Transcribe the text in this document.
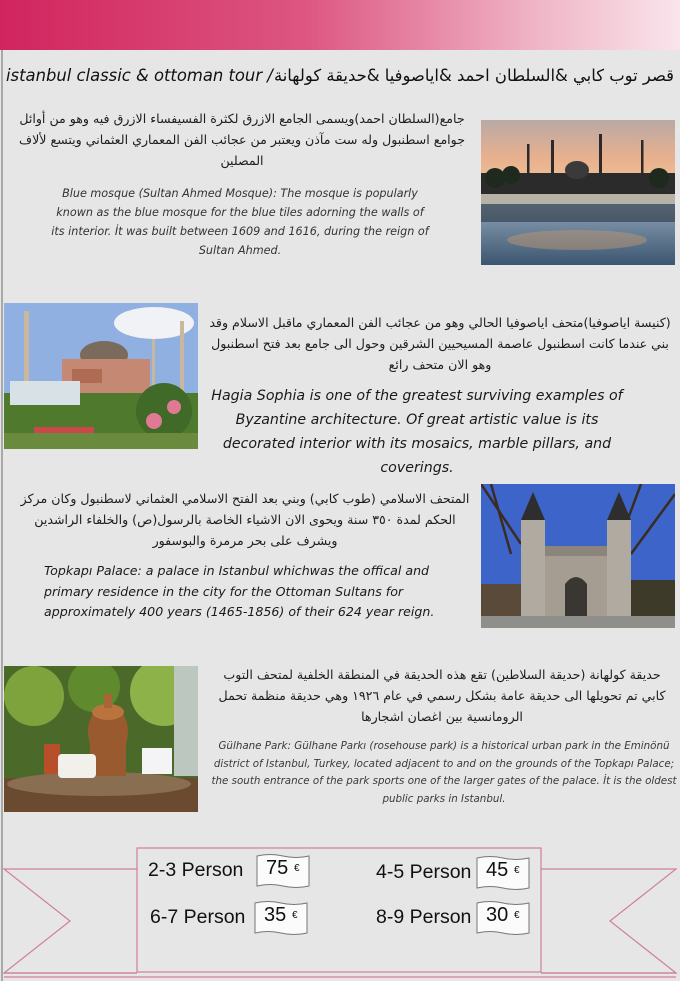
istanbul classic & ottoman tour / قصر توب كابي &السلطان احمد &اياصوفيا &حديقة كولهانة
جامع(السلطان احمد)ويسمى الجامع الازرق لكثرة الفسيفساء الازرق فيه وهو من أوائل جوامع اسطنبول وله ست مآذن ويعتبر من عجائب الفن المعماري العثماني ويتسع لألاف المصلين
Blue mosque (Sultan Ahmed Mosque): The mosque is popularly known as the blue mosque for the blue tiles adorning the walls of its interior. İt was built between 1609 and 1616, during the reign of Sultan Ahmed.
(كنيسة اياصوفيا)متحف اياصوفيا الحالي وهو من عجائب الفن المعماري ماقبل الاسلام وقد بني عندما كانت اسطنبول عاصمة المسيحيين الشرقين وحول الى جامع بعد فتح اسطنبول وهو الان متحف رائع
Hagia Sophia is one of the greatest surviving examples of Byzantine architecture. Of great artistic value is its decorated interior with its mosaics, marble pillars, and coverings.
المتحف الاسلامي (طوب كابي) وبني بعد الفتح الاسلامي العثماني لاسطنبول وكان مركز الحكم لمدة ٣٥٠ سنة ويحوى الان الاشياء الخاصة بالرسول(ص) والخلفاء الراشدين ويشرف على بحر مرمرة والبوسفور
Topkapı Palace: a palace in Istanbul whichwas the offical and primary residence in the city for the Ottoman Sultans for approximately 400 years (1465-1856) of their 624 year reign.
حديقة كولهانة (حديقة السلاطين) تقع هذه الحديقة في المنطقة الخلفية لمتحف التوب كابي تم تحويلها الى حديقة عامة بشكل رسمي في عام ١٩٢٦ وهي حديقة منظمة تحمل الرومانسية بين اغصان اشجارها
Gülhane Park: Gülhane Parkı (rosehouse park) is a historical urban park in the Eminönü district of Istanbul, Turkey, located adjacent to and on the grounds of the Topkapı Palace; the south entrance of the park sports one of the larger gates of the palace. İt is the oldest public parks in Istanbul.
2-3 Person 75 €	4-5 Person 45 €
6-7 Person 35 €	8-9 Person 30 €
